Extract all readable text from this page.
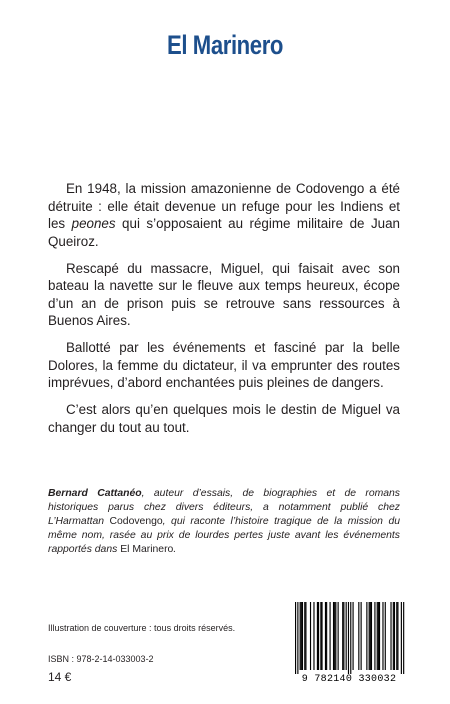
El Marinero

En 1948, la mission amazonienne de Codovengo a été détruite : elle était devenue un refuge pour les Indiens et les peones qui s’opposaient au régime militaire de Juan Queiroz.

Rescapé du massacre, Miguel, qui faisait avec son bateau la navette sur le fleuve aux temps heureux, écope d’un an de prison puis se retrouve sans ressources à Buenos Aires.

Ballotté par les événements et fasciné par la belle Dolores, la femme du dictateur, il va emprunter des routes imprévues, d’abord enchantées puis pleines de dangers.

C’est alors qu’en quelques mois le destin de Miguel va changer du tout au tout.

Bernard Cattanéo, auteur d’essais, de biographies et de romans historiques parus chez divers éditeurs, a notamment publié chez L’Harmattan Codovengo, qui raconte l’histoire tragique de la mission du même nom, rasée au prix de lourdes pertes juste avant les événements rapportés dans El Marinero.
Illustration de couverture : tous droits réservés.
ISBN : 978-2-14-033003-2
14 €	9 782140 330032
